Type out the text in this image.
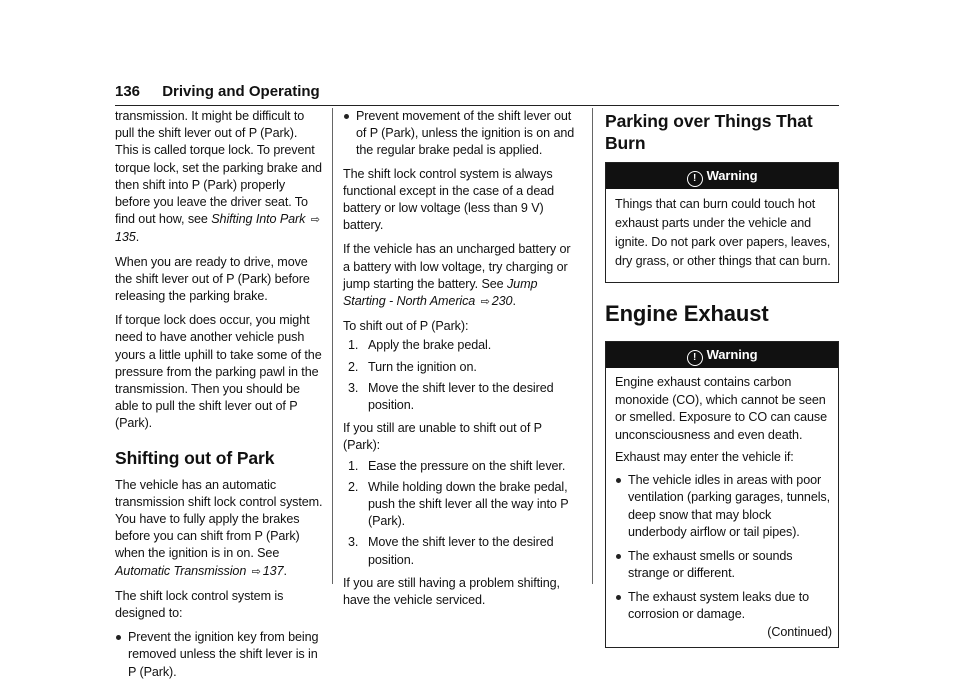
136 Driving and Operating

transmission. It might be difficult to pull the shift lever out of P (Park). This is called torque lock. To prevent torque lock, set the parking brake and then shift into P (Park) properly before you leave the driver seat. To find out how, see Shifting Into Park ⇨135.

When you are ready to drive, move the shift lever out of P (Park) before releasing the parking brake.

If torque lock does occur, you might need to have another vehicle push yours a little uphill to take some of the pressure from the parking pawl in the transmission. Then you should be able to pull the shift lever out of P (Park).

Shifting out of Park

The vehicle has an automatic transmission shift lock control system. You have to fully apply the brakes before you can shift from P (Park) when the ignition is in on. See Automatic Transmission ⇨ 137.

The shift lock control system is designed to:

Prevent the ignition key from being removed unless the shift lever is in P (Park).
Prevent movement of the shift lever out of P (Park), unless the ignition is on and the regular brake pedal is applied.

The shift lock control system is always functional except in the case of a dead battery or low voltage (less than 9 V) battery.

If the vehicle has an uncharged battery or a battery with low voltage, try charging or jump starting the battery. See Jump Starting - North America ⇨ 230.

To shift out of P (Park):

1. Apply the brake pedal.
2. Turn the ignition on.
3. Move the shift lever to the desired position.

If you still are unable to shift out of P (Park):

1. Ease the pressure on the shift lever.
2. While holding down the brake pedal, push the shift lever all the way into P (Park).
3. Move the shift lever to the desired position.

If you are still having a problem shifting, have the vehicle serviced.

Parking over Things That Burn
! Warning

Things that can burn could touch hot exhaust parts under the vehicle and ignite. Do not park over papers, leaves, dry grass, or other things that can burn.

Engine Exhaust
! Warning

Engine exhaust contains carbon monoxide (CO), which cannot be seen or smelled. Exposure to CO can cause unconsciousness and even death.

Exhaust may enter the vehicle if:

The vehicle idles in areas with poor ventilation (parking garages, tunnels, deep snow that may block underbody airflow or tail pipes).
The exhaust smells or sounds strange or different.
The exhaust system leaks due to corrosion or damage.
(Continued)
